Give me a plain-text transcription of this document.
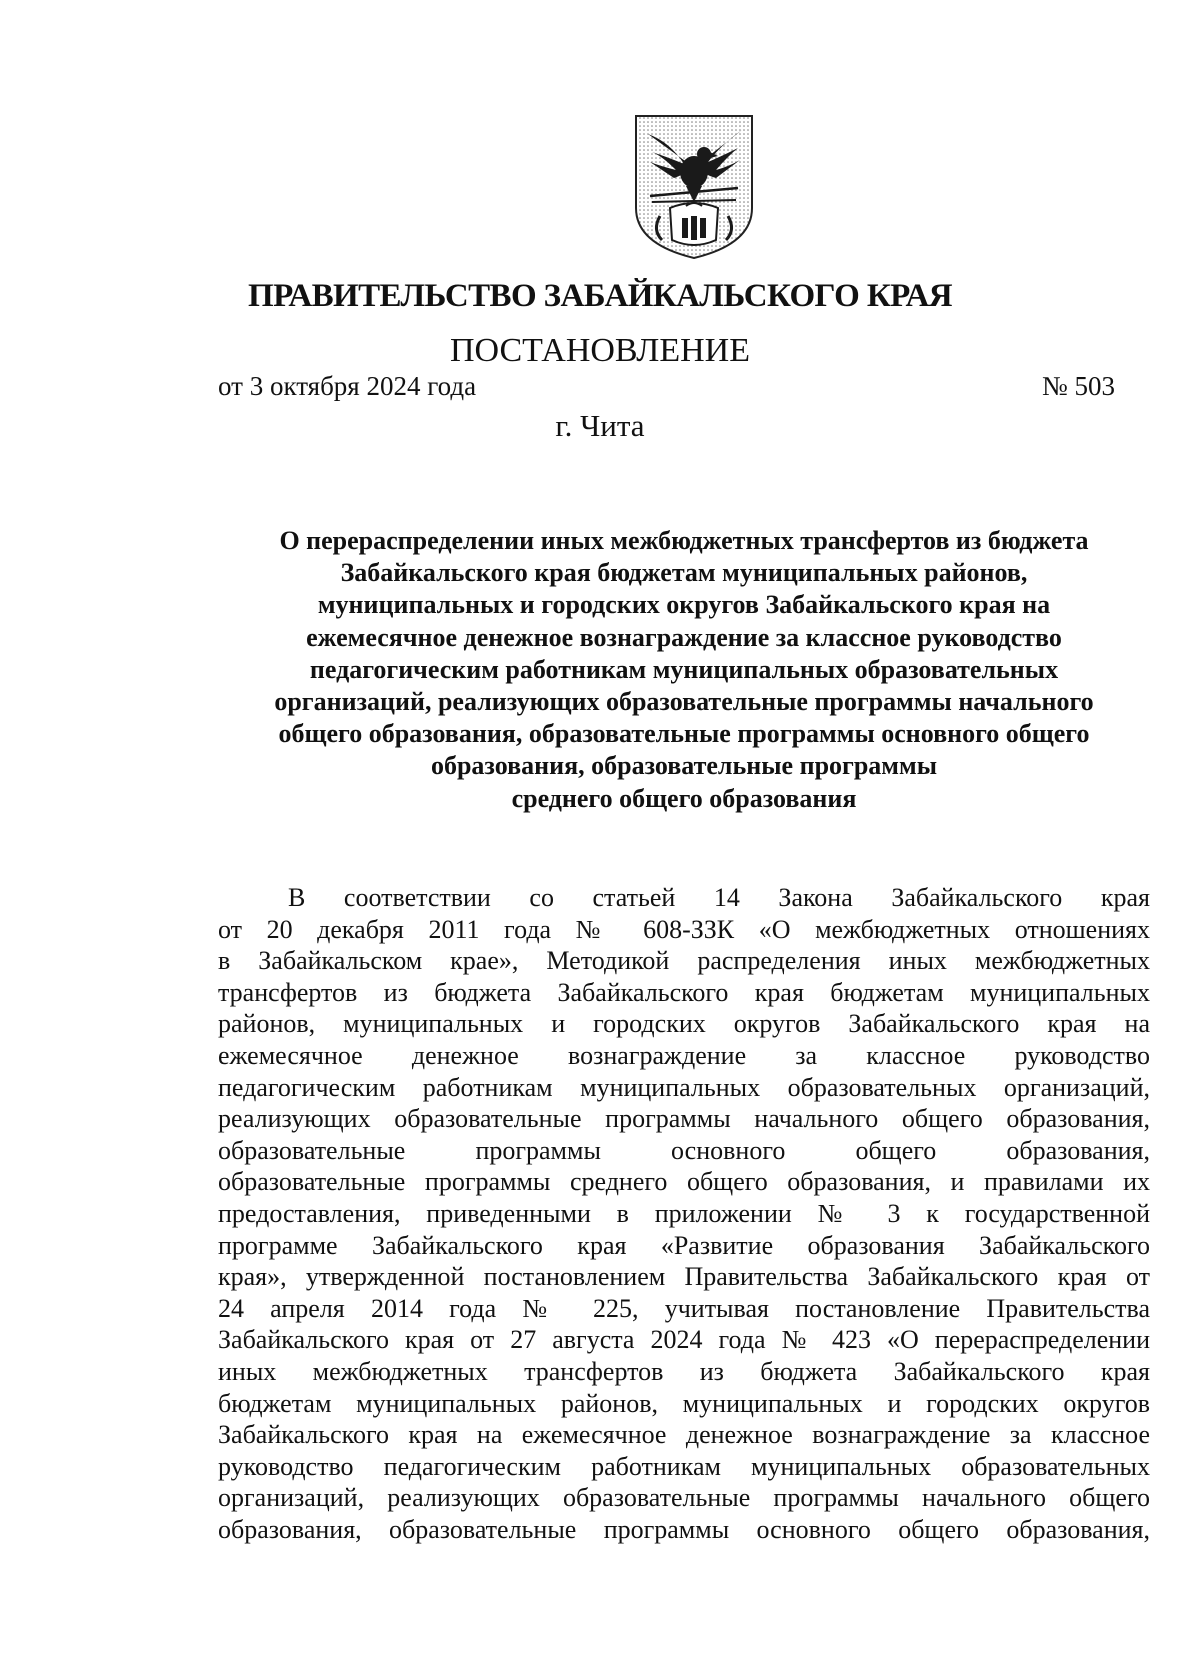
ПРАВИТЕЛЬСТВО ЗАБАЙКАЛЬСКОГО КРАЯ
ПОСТАНОВЛЕНИЕ
от 3 октября 2024 года	№ 503
г. Чита
О перераспределении иных межбюджетных трансфертов из бюджета
Забайкальского края бюджетам муниципальных районов,
муниципальных и городских округов Забайкальского края на
ежемесячное денежное вознаграждение за классное руководство
педагогическим работникам муниципальных образовательных
организаций, реализующих образовательные программы начального
общего образования, образовательные программы основного общего
образования, образовательные программы
среднего общего образования
В соответствии со статьей 14 Закона Забайкальского края
от 20 декабря 2011 года № 608-ЗЗК «О межбюджетных отношениях
в Забайкальском крае», Методикой распределения иных межбюджетных
трансфертов из бюджета Забайкальского края бюджетам муниципальных
районов, муниципальных и городских округов Забайкальского края на
ежемесячное денежное вознаграждение за классное руководство
педагогическим работникам муниципальных образовательных организаций,
реализующих образовательные программы начального общего образования,
образовательные программы основного общего образования,
образовательные программы среднего общего образования, и правилами их
предоставления, приведенными в приложении № 3 к государственной
программе Забайкальского края «Развитие образования Забайкальского
края», утвержденной постановлением Правительства Забайкальского края от
24 апреля 2014 года № 225, учитывая постановление Правительства
Забайкальского края от 27 августа 2024 года № 423 «О перераспределении
иных межбюджетных трансфертов из бюджета Забайкальского края
бюджетам муниципальных районов, муниципальных и городских округов
Забайкальского края на ежемесячное денежное вознаграждение за классное
руководство педагогическим работникам муниципальных образовательных
организаций, реализующих образовательные программы начального общего
образования, образовательные программы основного общего образования,
